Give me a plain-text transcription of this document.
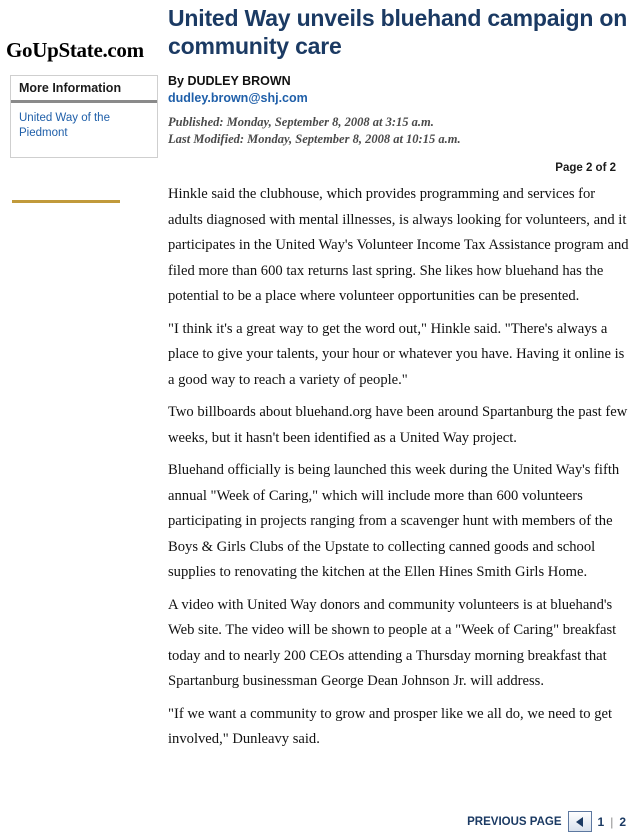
GoUpState.com
More Information
United Way of the Piedmont
United Way unveils bluehand campaign on community care
By DUDLEY BROWN
dudley.brown@shj.com
Published: Monday, September 8, 2008 at 3:15 a.m.
Last Modified: Monday, September 8, 2008 at 10:15 a.m.
Page 2 of 2

Hinkle said the clubhouse, which provides programming and services for adults diagnosed with mental illnesses, is always looking for volunteers, and it participates in the United Way's Volunteer Income Tax Assistance program and filed more than 600 tax returns last spring. She likes how bluehand has the potential to be a place where volunteer opportunities can be presented.

"I think it's a great way to get the word out," Hinkle said. "There's always a place to give your talents, your hour or whatever you have. Having it online is a good way to reach a variety of people."

Two billboards about bluehand.org have been around Spartanburg the past few weeks, but it hasn't been identified as a United Way project.

Bluehand officially is being launched this week during the United Way's fifth annual "Week of Caring," which will include more than 600 volunteers participating in projects ranging from a scavenger hunt with members of the Boys & Girls Clubs of the Upstate to collecting canned goods and school supplies to renovating the kitchen at the Ellen Hines Smith Girls Home.

A video with United Way donors and community volunteers is at bluehand's Web site. The video will be shown to people at a "Week of Caring" breakfast today and to nearly 200 CEOs attending a Thursday morning breakfast that Spartanburg businessman George Dean Johnson Jr. will address.

"If we want a community to grow and prosper like we all do, we need to get involved," Dunleavy said.

PREVIOUS PAGE	1 | 2
